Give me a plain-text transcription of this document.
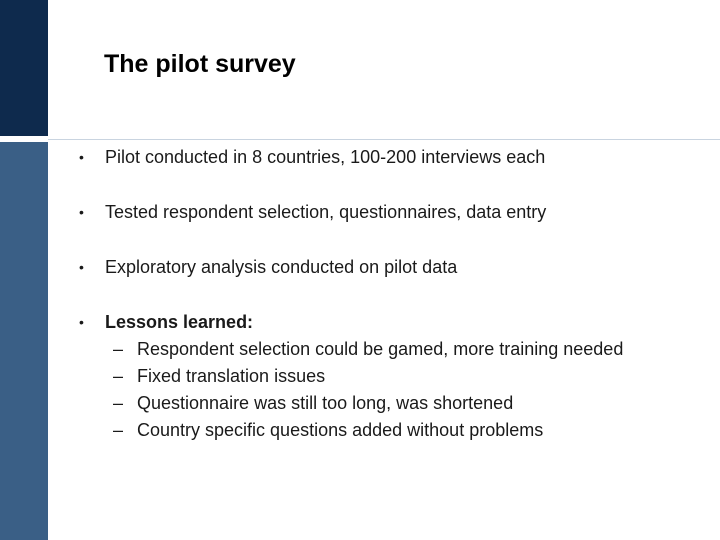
The pilot survey
• Pilot conducted in 8 countries, 100-200 interviews each
• Tested respondent selection, questionnaires, data entry
• Exploratory analysis conducted on pilot data
• Lessons learned:
– Respondent selection could be gamed, more training needed
– Fixed translation issues
– Questionnaire was still too long, was shortened
– Country specific questions added without problems
